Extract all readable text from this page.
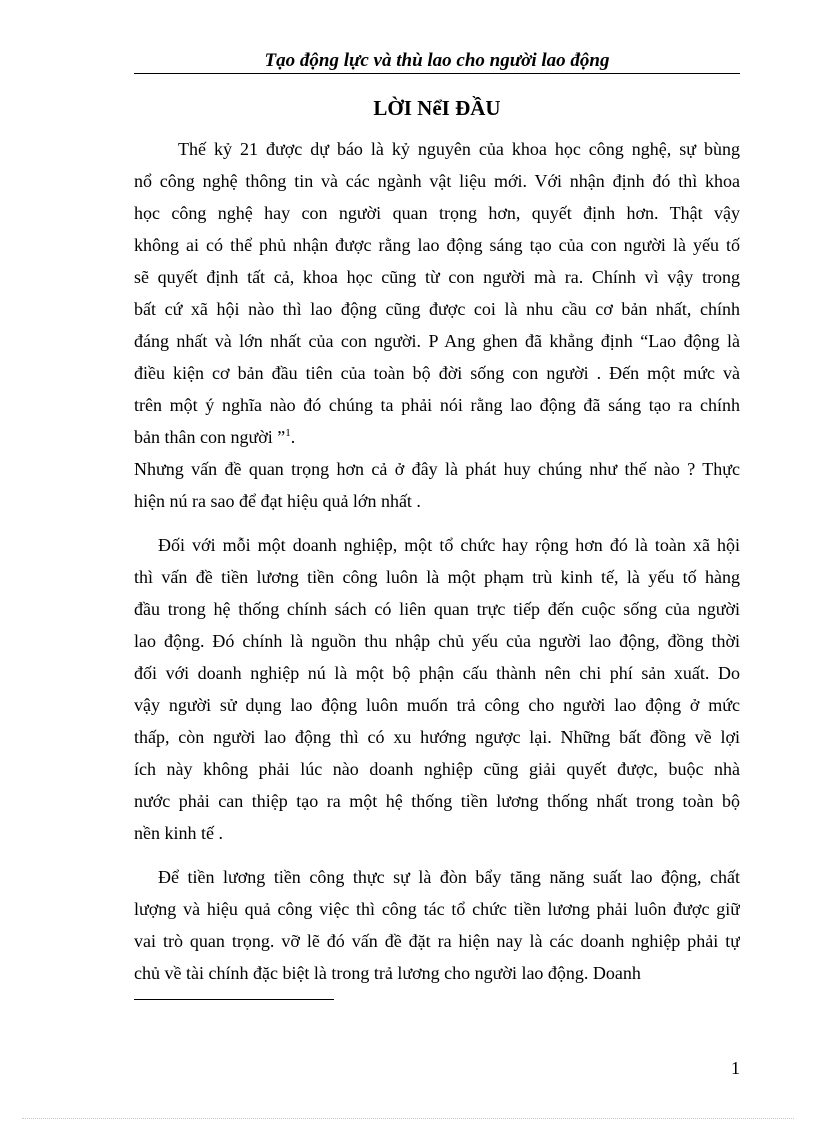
Tạo động lực và thù lao cho người lao động
LỜI NểI ĐẦU
Thế kỷ 21 được dự báo là kỷ nguyên của khoa học công nghệ, sự bùng
nổ công nghệ thông tin và các ngành vật liệu mới. Với nhận định đó thì khoa
học công nghệ hay con người quan trọng hơn, quyết định hơn. Thật vậy
không ai có thể phủ nhận được rằng lao động sáng tạo của con người là yếu tố
sẽ quyết định tất cả, khoa học cũng từ con người mà ra. Chính vì vậy trong
bất cứ xã hội nào thì lao động cũng được coi là nhu cầu cơ bản nhất, chính
đáng nhất và lớn nhất của con người. P Ang ghen đã khẳng định “Lao động là
điều kiện cơ bản đầu tiên của toàn bộ đời sống con người . Đến một mức và
trên một ý nghĩa nào đó chúng ta phải nói rằng lao động đã sáng tạo ra chính
bản thân con người ”$^1$.
Nhưng vấn đề quan trọng hơn cả ở đây là phát huy chúng như thế nào ? Thực
hiện nú ra sao để đạt hiệu quả lớn nhất .
Đối với mỗi một doanh nghiệp, một tổ chức hay rộng hơn đó là toàn xã hội
thì vấn đề tiền lương tiền công luôn là một phạm trù kinh tế, là yếu tố hàng
đầu trong hệ thống chính sách có liên quan trực tiếp đến cuộc sống của người
lao động. Đó chính là nguồn thu nhập chủ yếu của người lao động, đồng thời
đối với doanh nghiệp nú là một bộ phận cấu thành nên chi phí sản xuất. Do
vậy người sử dụng lao động luôn muốn trả công cho người lao động ở mức
thấp, còn người lao động thì có xu hướng ngược lại. Những bất đồng về lợi
ích này không phải lúc nào doanh nghiệp cũng giải quyết được, buộc nhà
nước phải can thiệp tạo ra một hệ thống tiền lương thống nhất trong toàn bộ
nền kinh tế .
Để tiền lương tiền công thực sự là đòn bẩy tăng năng suất lao động, chất
lượng và hiệu quả công việc thì công tác tổ chức tiền lương phải luôn được giữ
vai trò quan trọng. vỡ lẽ đó vấn đề đặt ra hiện nay là các doanh nghiệp phải tự
chủ về tài chính đặc biệt là trong trả lương cho người lao động. Doanh
1
